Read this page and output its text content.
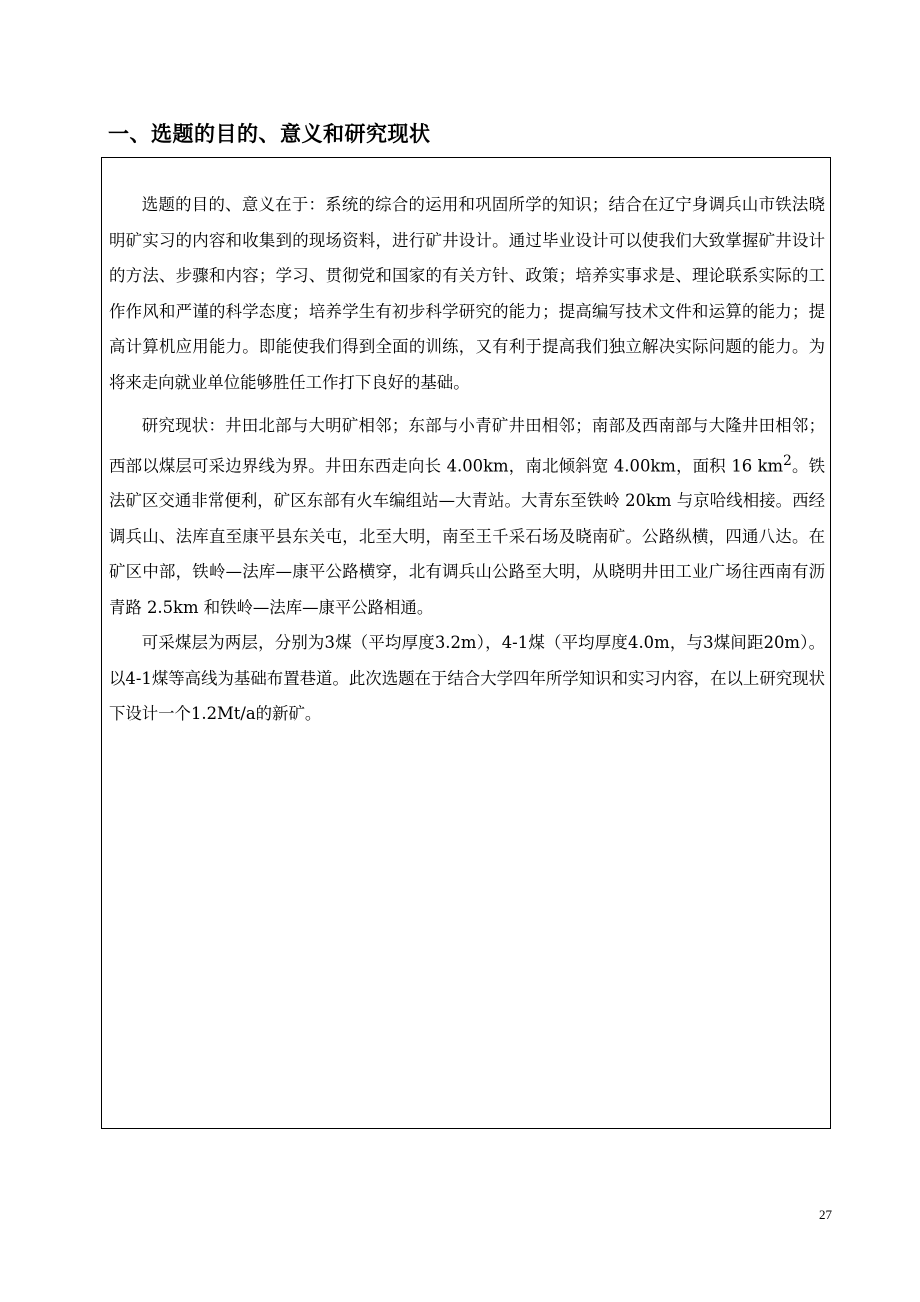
一、选题的目的、意义和研究现状

选题的目的、意义在于：系统的综合的运用和巩固所学的知识；结合在辽宁身调兵山市铁法晓明矿实习的内容和收集到的现场资料，进行矿井设计。通过毕业设计可以使我们大致掌握矿井设计的方法、步骤和内容；学习、贯彻党和国家的有关方针、政策；培养实事求是、理论联系实际的工作作风和严谨的科学态度；培养学生有初步科学研究的能力；提高编写技术文件和运算的能力；提高计算机应用能力。即能使我们得到全面的训练，又有利于提高我们独立解决实际问题的能力。为将来走向就业单位能够胜任工作打下良好的基础。

研究现状：井田北部与大明矿相邻；东部与小青矿井田相邻；南部及西南部与大隆井田相邻；西部以煤层可采边界线为界。井田东西走向长 4.00km，南北倾斜宽 4.00km，面积 16 $km^2$。铁法矿区交通非常便利，矿区东部有火车编组站—大青站。大青东至铁岭 20km 与京哈线相接。西经调兵山、法库直至康平县东关屯，北至大明，南至王千采石场及晓南矿。公路纵横，四通八达。在矿区中部，铁岭—法库—康平公路横穿，北有调兵山公路至大明，从晓明井田工业广场往西南有沥青路 2.5km 和铁岭—法库—康平公路相通。

可采煤层为两层，分别为3煤（平均厚度3.2m），4-1煤（平均厚度4.0m，与3煤间距20m）。以4-1煤等高线为基础布置巷道。此次选题在于结合大学四年所学知识和实习内容，在以上研究现状下设计一个1.2Mt/a的新矿。

27
